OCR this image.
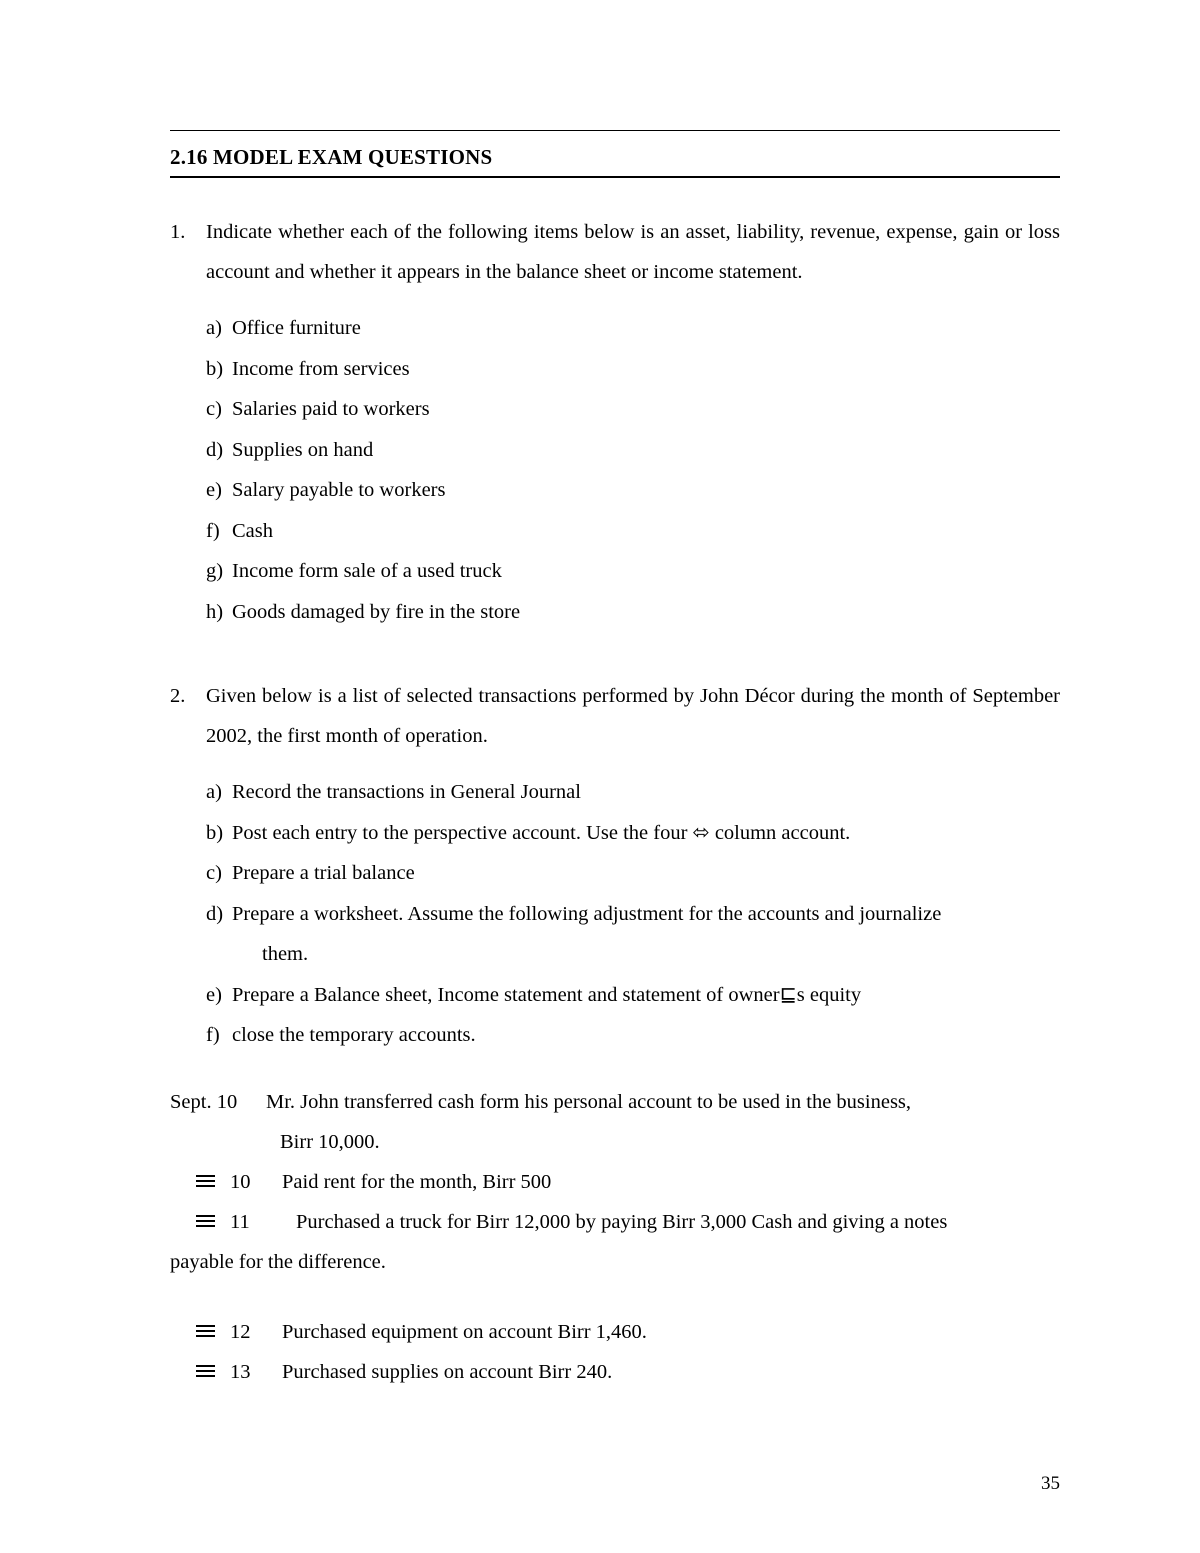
2.16 MODEL EXAM QUESTIONS
1.	Indicate whether each of the following items below is an asset, liability, revenue, expense, gain or loss account and whether it appears in the balance sheet or income statement.
a) Office furniture
b) Income from services
c) Salaries paid to workers
d) Supplies on hand
e) Salary payable to workers
f) Cash
g) Income form sale of a used truck
h) Goods damaged by fire in the store
2.	Given below is a list of selected transactions performed by John Décor during the month of September 2002, the first month of operation.
a) Record the transactions in General Journal
b) Post each entry to the perspective account. Use the four ⬄ column account.
c) Prepare a trial balance
d) Prepare a worksheet. Assume the following adjustment for the accounts and journalize
them.
e) Prepare a Balance sheet, Income statement and statement of owner⊑s equity
f) close the temporary accounts.
Sept. 10	Mr. John transferred cash form his personal account to be used in the business,
Birr 10,000.
10	Paid rent for the month, Birr 500
11	Purchased a truck for Birr 12,000 by paying Birr 3,000 Cash and giving a notes
payable for the difference.
12	Purchased equipment on account Birr 1,460.
13	Purchased supplies on account Birr 240.
35
